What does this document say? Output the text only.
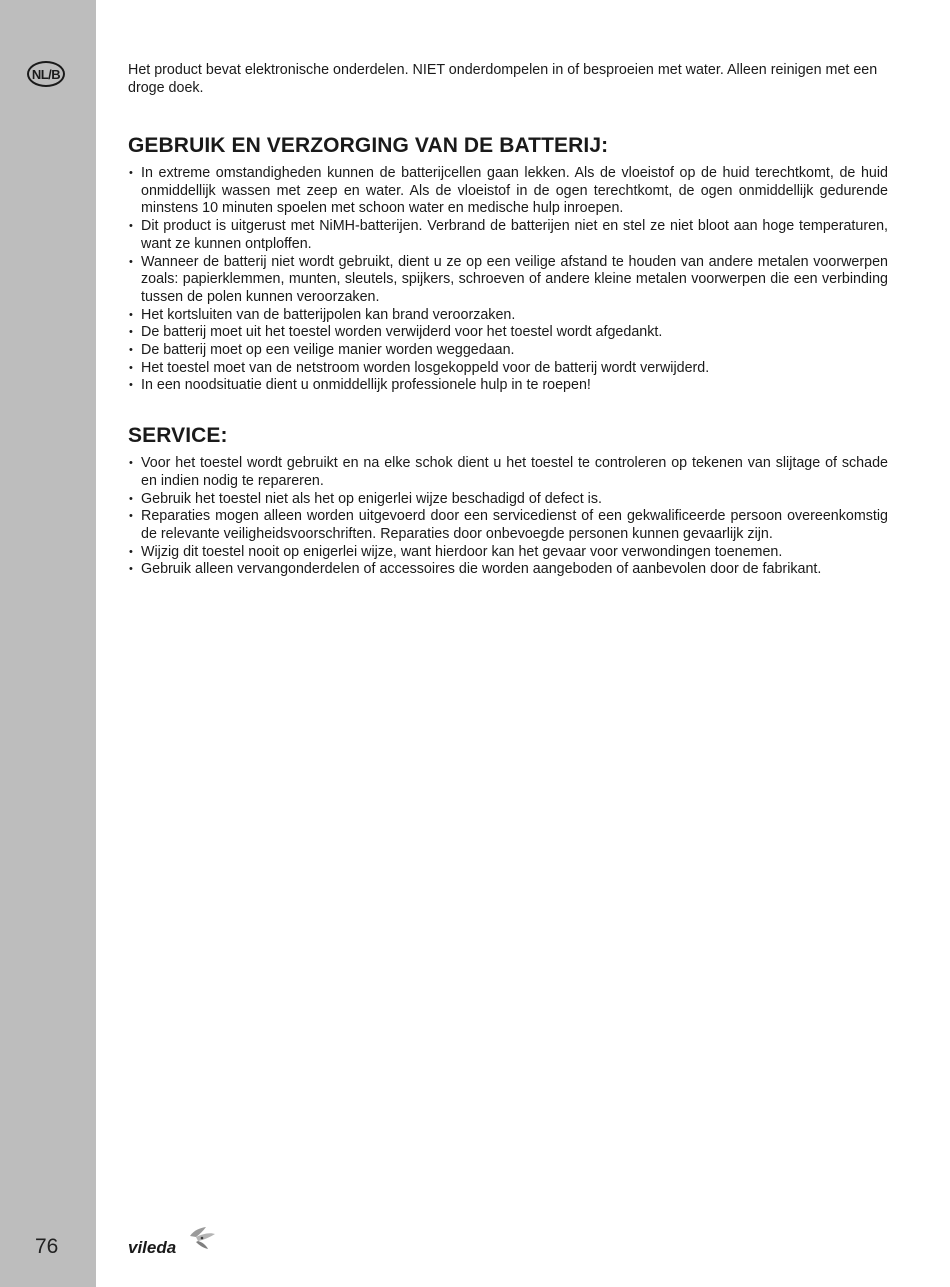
NL/B
76

Het product bevat elektronische onderdelen. NIET onderdompelen in of besproeien met water. Alleen reinigen met een droge doek.

GEBRUIK EN VERZORGING VAN DE BATTERIJ:
• In extreme omstandigheden kunnen de batterijcellen gaan lekken. Als de vloeistof op de huid terechtkomt, de huid onmiddellijk wassen met zeep en water. Als de vloeistof in de ogen terechtkomt, de ogen onmiddellijk gedurende minstens 10 minuten spoelen met schoon water en medische hulp inroepen.
• Dit product is uitgerust met NiMH-batterijen. Verbrand de batterijen niet en stel ze niet bloot aan hoge temperaturen, want ze kunnen ontploffen.
• Wanneer de batterij niet wordt gebruikt, dient u ze op een veilige afstand te houden van andere metalen voorwerpen zoals: papierklemmen, munten, sleutels, spijkers, schroeven of andere kleine metalen voorwerpen die een verbinding tussen de polen kunnen veroorzaken.
• Het kortsluiten van de batterijpolen kan brand veroorzaken.
• De batterij moet uit het toestel worden verwijderd voor het toestel wordt afgedankt.
• De batterij moet op een veilige manier worden weggedaan.
• Het toestel moet van de netstroom worden losgekoppeld voor de batterij wordt verwijderd.
• In een noodsituatie dient u onmiddellijk professionele hulp in te roepen!
SERVICE:
• Voor het toestel wordt gebruikt en na elke schok dient u het toestel te controleren op tekenen van slijtage of schade en indien nodig te repareren.
• Gebruik het toestel niet als het op enigerlei wijze beschadigd of defect is.
• Reparaties mogen alleen worden uitgevoerd door een servicedienst of een gekwalificeerde persoon overeenkomstig de relevante veiligheidsvoorschriften. Reparaties door onbevoegde personen kunnen gevaarlijk zijn.
• Wijzig dit toestel nooit op enigerlei wijze, want hierdoor kan het gevaar voor verwondingen toenemen.
• Gebruik alleen vervangonderdelen of accessoires die worden aangeboden of aanbevolen door de fabrikant.
vileda
